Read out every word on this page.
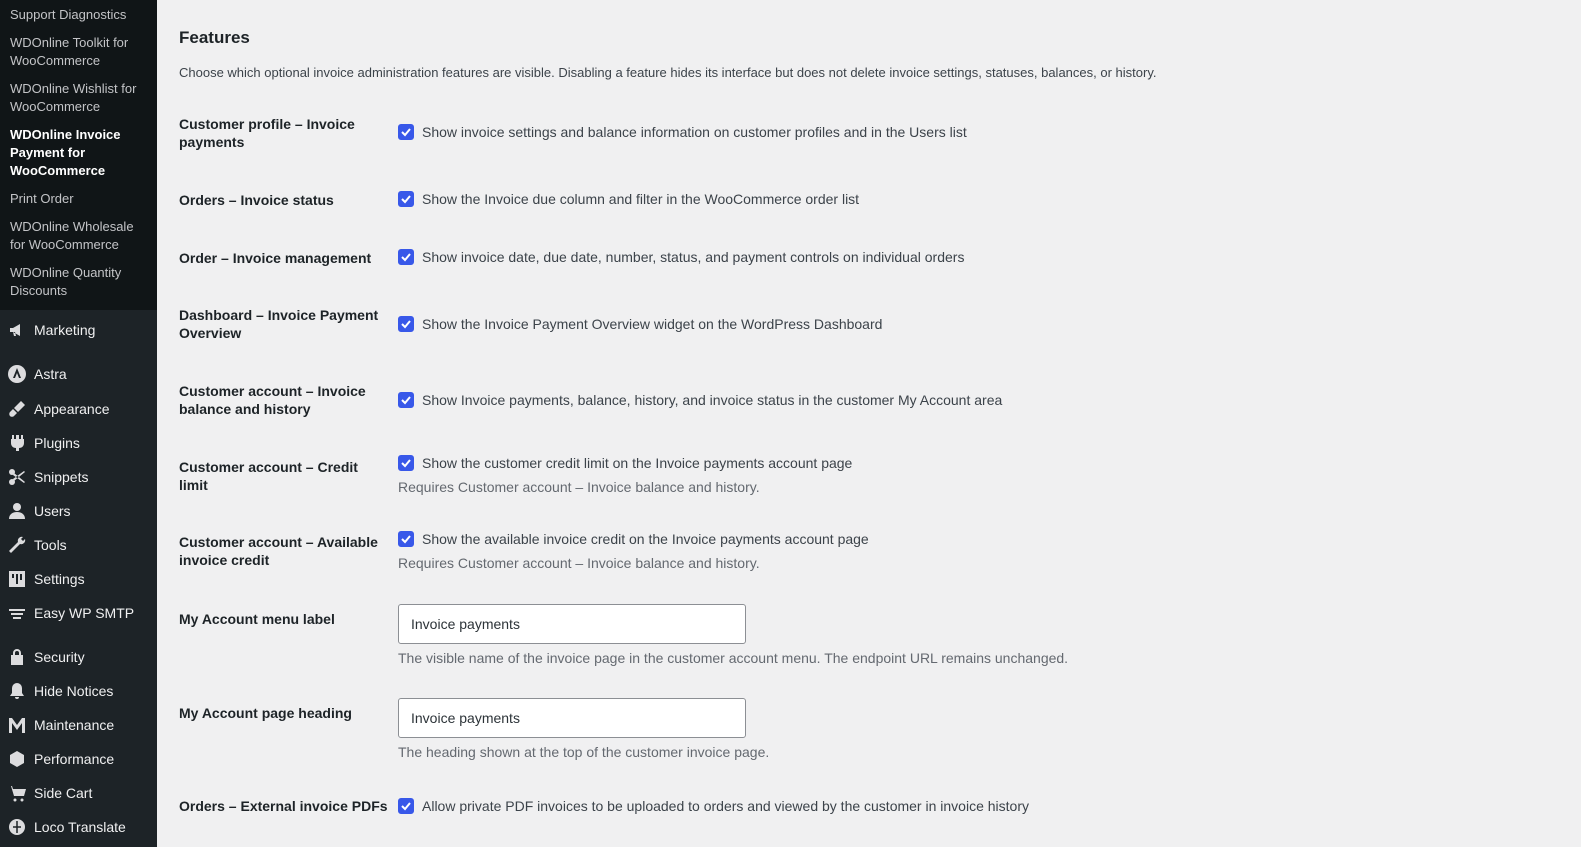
Support Diagnostics
WDOnline Toolkit for WooCommerce
WDOnline Wishlist for WooCommerce
WDOnline Invoice Payment for WooCommerce
Print Order
WDOnline Wholesale for WooCommerce
WDOnline Quantity Discounts
Marketing
Astra
Appearance
Plugins
Snippets
Users
Tools
Settings
Easy WP SMTP
Security
Hide Notices
Maintenance
Performance
Side Cart
Loco Translate
Features

Choose which optional invoice administration features are visible. Disabling a feature hides its interface but does not delete invoice settings, statuses, balances, or history.

Customer profile – Invoice payments
Show invoice settings and balance information on customer profiles and in the Users list
Orders – Invoice status	Show the Invoice due column and filter in the WooCommerce order list
Order – Invoice management	Show invoice date, due date, number, status, and payment controls on individual orders
Dashboard – Invoice Payment Overview
Show the Invoice Payment Overview widget on the WordPress Dashboard
Customer account – Invoice balance and history
Show Invoice payments, balance, history, and invoice status in the customer My Account area
Customer account – Credit limit
Show the customer credit limit on the Invoice payments account page

Requires Customer account – Invoice balance and history.

Customer account – Available invoice credit
Show the available invoice credit on the Invoice payments account page

Requires Customer account – Invoice balance and history.

My Account menu label
Invoice payments

The visible name of the invoice page in the customer account menu. The endpoint URL remains unchanged.

My Account page heading
Invoice payments

The heading shown at the top of the customer invoice page.

Orders – External invoice PDFs Allow private PDF invoices to be uploaded to orders and viewed by the customer in invoice history
